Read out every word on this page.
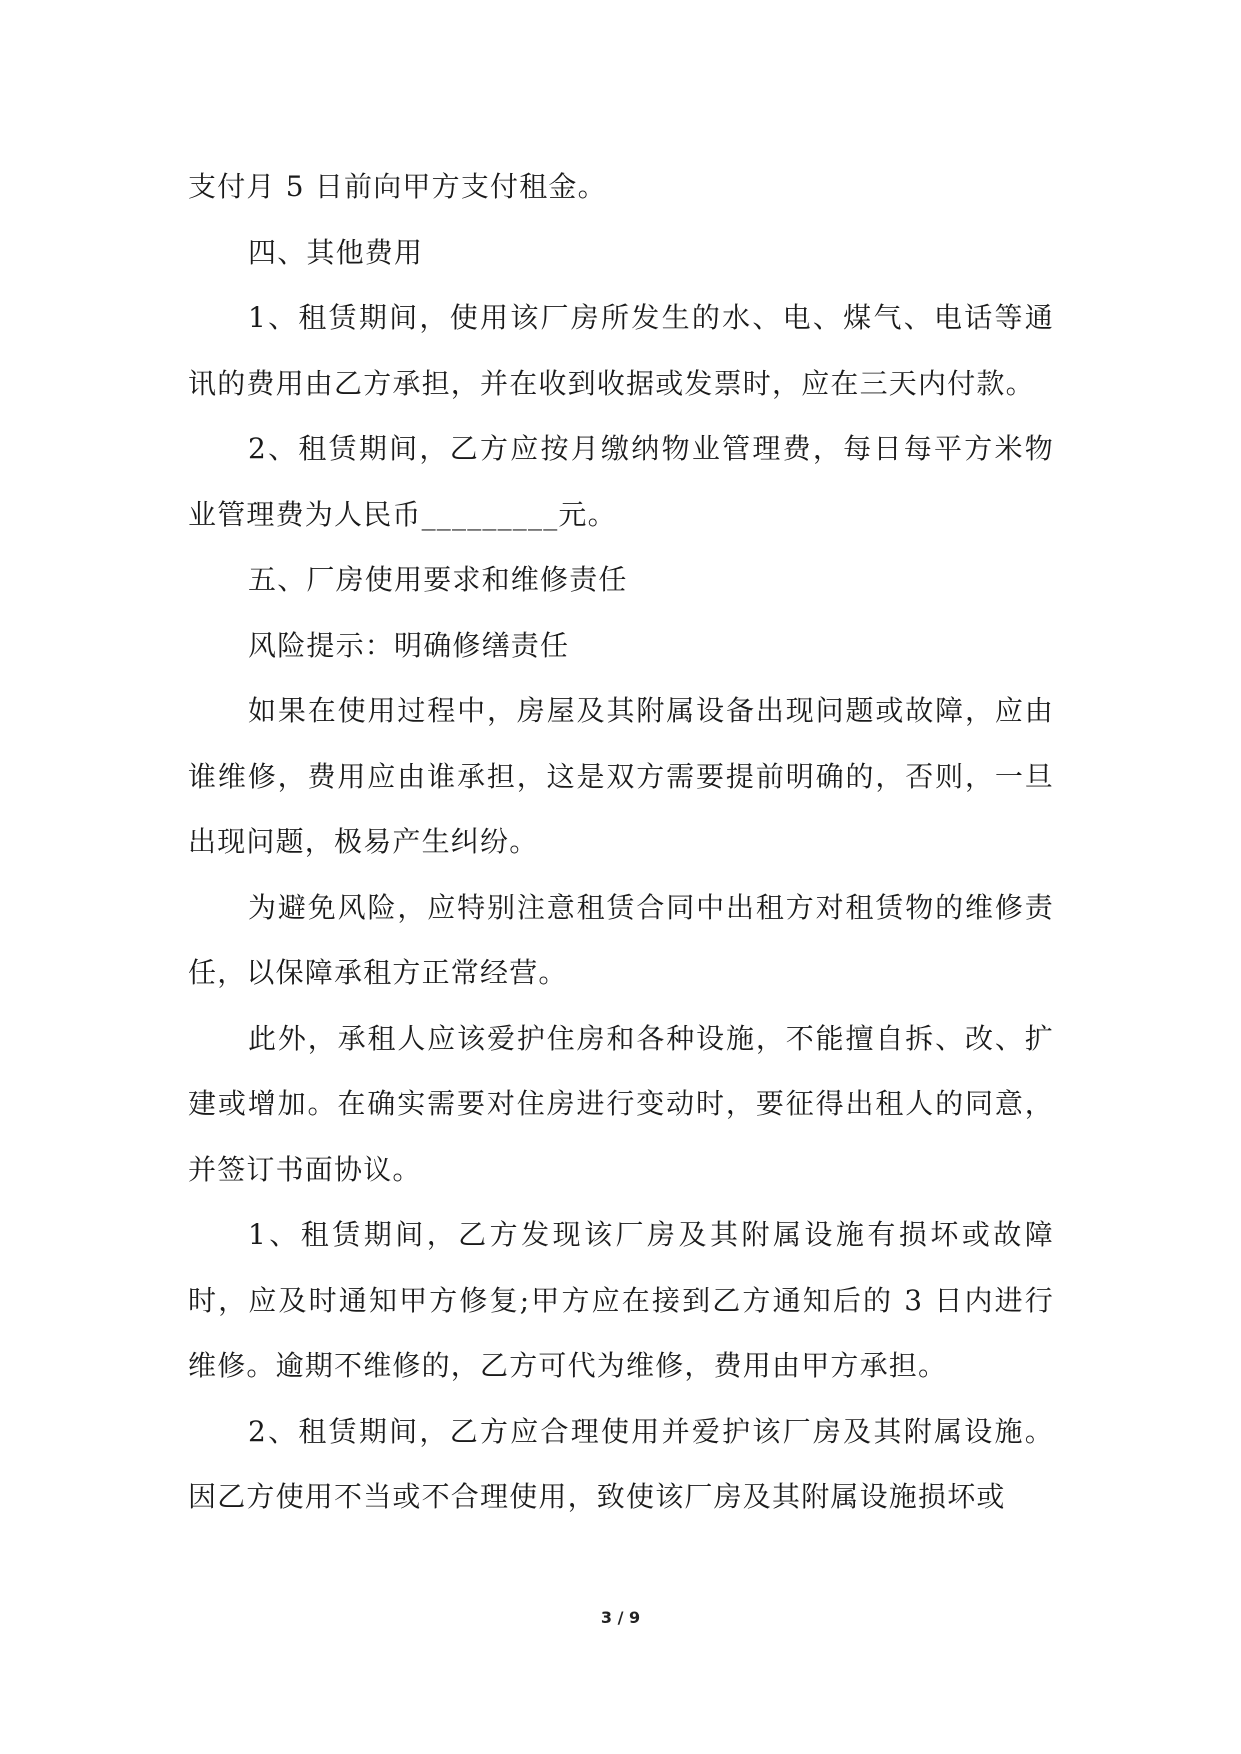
支付月 5 日前向甲方支付租金。

四、其他费用

1、租赁期间，使用该厂房所发生的水、电、煤气、电话等通讯的费用由乙方承担，并在收到收据或发票时，应在三天内付款。

2、租赁期间，乙方应按月缴纳物业管理费，每日每平方米物业管理费为人民币_________元。

五、厂房使用要求和维修责任

风险提示：明确修缮责任

如果在使用过程中，房屋及其附属设备出现问题或故障，应由谁维修，费用应由谁承担，这是双方需要提前明确的，否则，一旦出现问题，极易产生纠纷。

为避免风险，应特别注意租赁合同中出租方对租赁物的维修责任，以保障承租方正常经营。

此外，承租人应该爱护住房和各种设施，不能擅自拆、改、扩建或增加。在确实需要对住房进行变动时，要征得出租人的同意，并签订书面协议。

1、租赁期间，乙方发现该厂房及其附属设施有损坏或故障时，应及时通知甲方修复;甲方应在接到乙方通知后的 3 日内进行维修。逾期不维修的，乙方可代为维修，费用由甲方承担。

2、租赁期间，乙方应合理使用并爱护该厂房及其附属设施。因乙方使用不当或不合理使用，致使该厂房及其附属设施损坏或

3 / 9
